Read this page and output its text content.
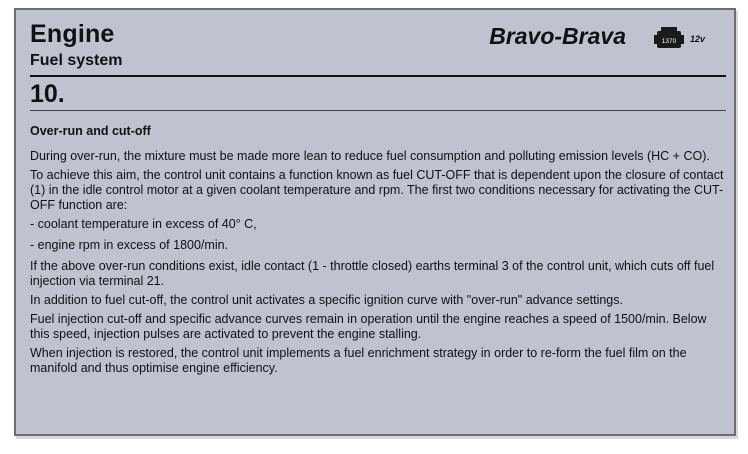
Engine
Fuel system
Bravo-Brava	1370 12v
10.
Over-run and cut-off

During over-run, the mixture must be made more lean to reduce fuel consumption and polluting emission levels (HC + CO).

To achieve this aim, the control unit contains a function known as fuel CUT-OFF that is dependent upon the closure of contact (1) in the idle control motor at a given coolant temperature and rpm. The first two conditions necessary for activating the CUT-OFF function are:

- coolant temperature in excess of 40° C,

- engine rpm in excess of 1800/min.

If the above over-run conditions exist, idle contact (1 - throttle closed) earths terminal 3 of the control unit, which cuts off fuel injection via terminal 21.

In addition to fuel cut-off, the control unit activates a specific ignition curve with "over-run" advance settings.

Fuel injection cut-off and specific advance curves remain in operation until the engine reaches a speed of 1500/min. Below this speed, injection pulses are activated to prevent the engine stalling.

When injection is restored, the control unit implements a fuel enrichment strategy in order to re-form the fuel film on the manifold and thus optimise engine efficiency.
